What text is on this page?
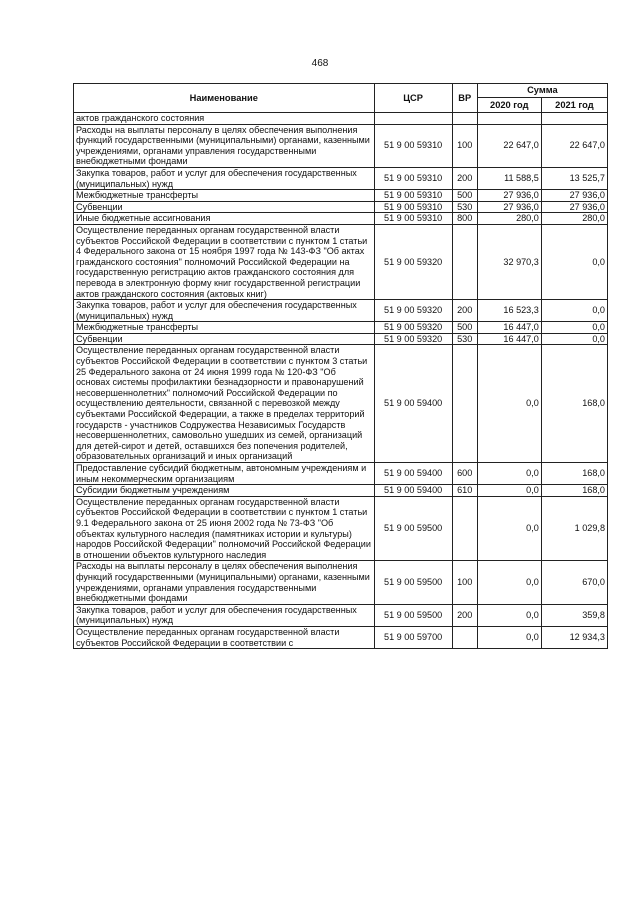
468
Наименование	ЦСР	ВР	Сумма	
			2020 год	2021 год
актов гражданского состояния				
Расходы на выплаты персоналу в целях обеспечения выполнения функций государственными (муниципальными) органами, казенными учреждениями, органами управления государственными внебюджетными фондами	51 9 00 59310	100	22 647,0	22 647,0
Закупка товаров, работ и услуг для обеспечения государственных (муниципальных) нужд	51 9 00 59310	200	11 588,5	13 525,7
Межбюджетные трансферты	51 9 00 59310	500	27 936,0	27 936,0
Субвенции	51 9 00 59310	530	27 936,0	27 936,0
Иные бюджетные ассигнования	51 9 00 59310	800	280,0	280,0
Осуществление переданных органам государственной власти субъектов Российской Федерации в соответствии с пунктом 1 статьи 4 Федерального закона от 15 ноября 1997 года № 143-ФЗ "Об актах гражданского состояния" полномочий Российской Федерации на государственную регистрацию актов гражданского состояния для перевода в электронную форму книг государственной регистрации актов гражданского состояния (актовых книг)	51 9 00 59320		32 970,3	0,0
Закупка товаров, работ и услуг для обеспечения государственных (муниципальных) нужд	51 9 00 59320	200	16 523,3	0,0
Межбюджетные трансферты	51 9 00 59320	500	16 447,0	0,0
Субвенции	51 9 00 59320	530	16 447,0	0,0
Осуществление переданных органам государственной власти субъектов Российской Федерации в соответствии с пунктом 3 статьи 25 Федерального закона от 24 июня 1999 года № 120-ФЗ "Об основах системы профилактики безнадзорности и правонарушений несовершеннолетних" полномочий Российской Федерации по осуществлению деятельности, связанной с перевозкой между субъектами Российской Федерации, а также в пределах территорий государств - участников Содружества Независимых Государств несовершеннолетних, самовольно ушедших из семей, организаций для детей-сирот и детей, оставшихся без попечения родителей, образовательных организаций и иных организаций	51 9 00 59400		0,0	168,0
Предоставление субсидий бюджетным, автономным учреждениям и иным некоммерческим организациям	51 9 00 59400	600	0,0	168,0
Субсидии бюджетным учреждениям	51 9 00 59400	610	0,0	168,0
Осуществление переданных органам государственной власти субъектов Российской Федерации в соответствии с пунктом 1 статьи 9.1 Федерального закона от 25 июня 2002 года № 73-ФЗ "Об объектах культурного наследия (памятниках истории и культуры) народов Российской Федерации" полномочий Российской Федерации в отношении объектов культурного наследия	51 9 00 59500		0,0	1 029,8
Расходы на выплаты персоналу в целях обеспечения выполнения функций государственными (муниципальными) органами, казенными учреждениями, органами управления государственными внебюджетными фондами	51 9 00 59500	100	0,0	670,0
Закупка товаров, работ и услуг для обеспечения государственных (муниципальных) нужд	51 9 00 59500	200	0,0	359,8
Осуществление переданных органам государственной власти субъектов Российской Федерации в соответствии с	51 9 00 59700		0,0	12 934,3
